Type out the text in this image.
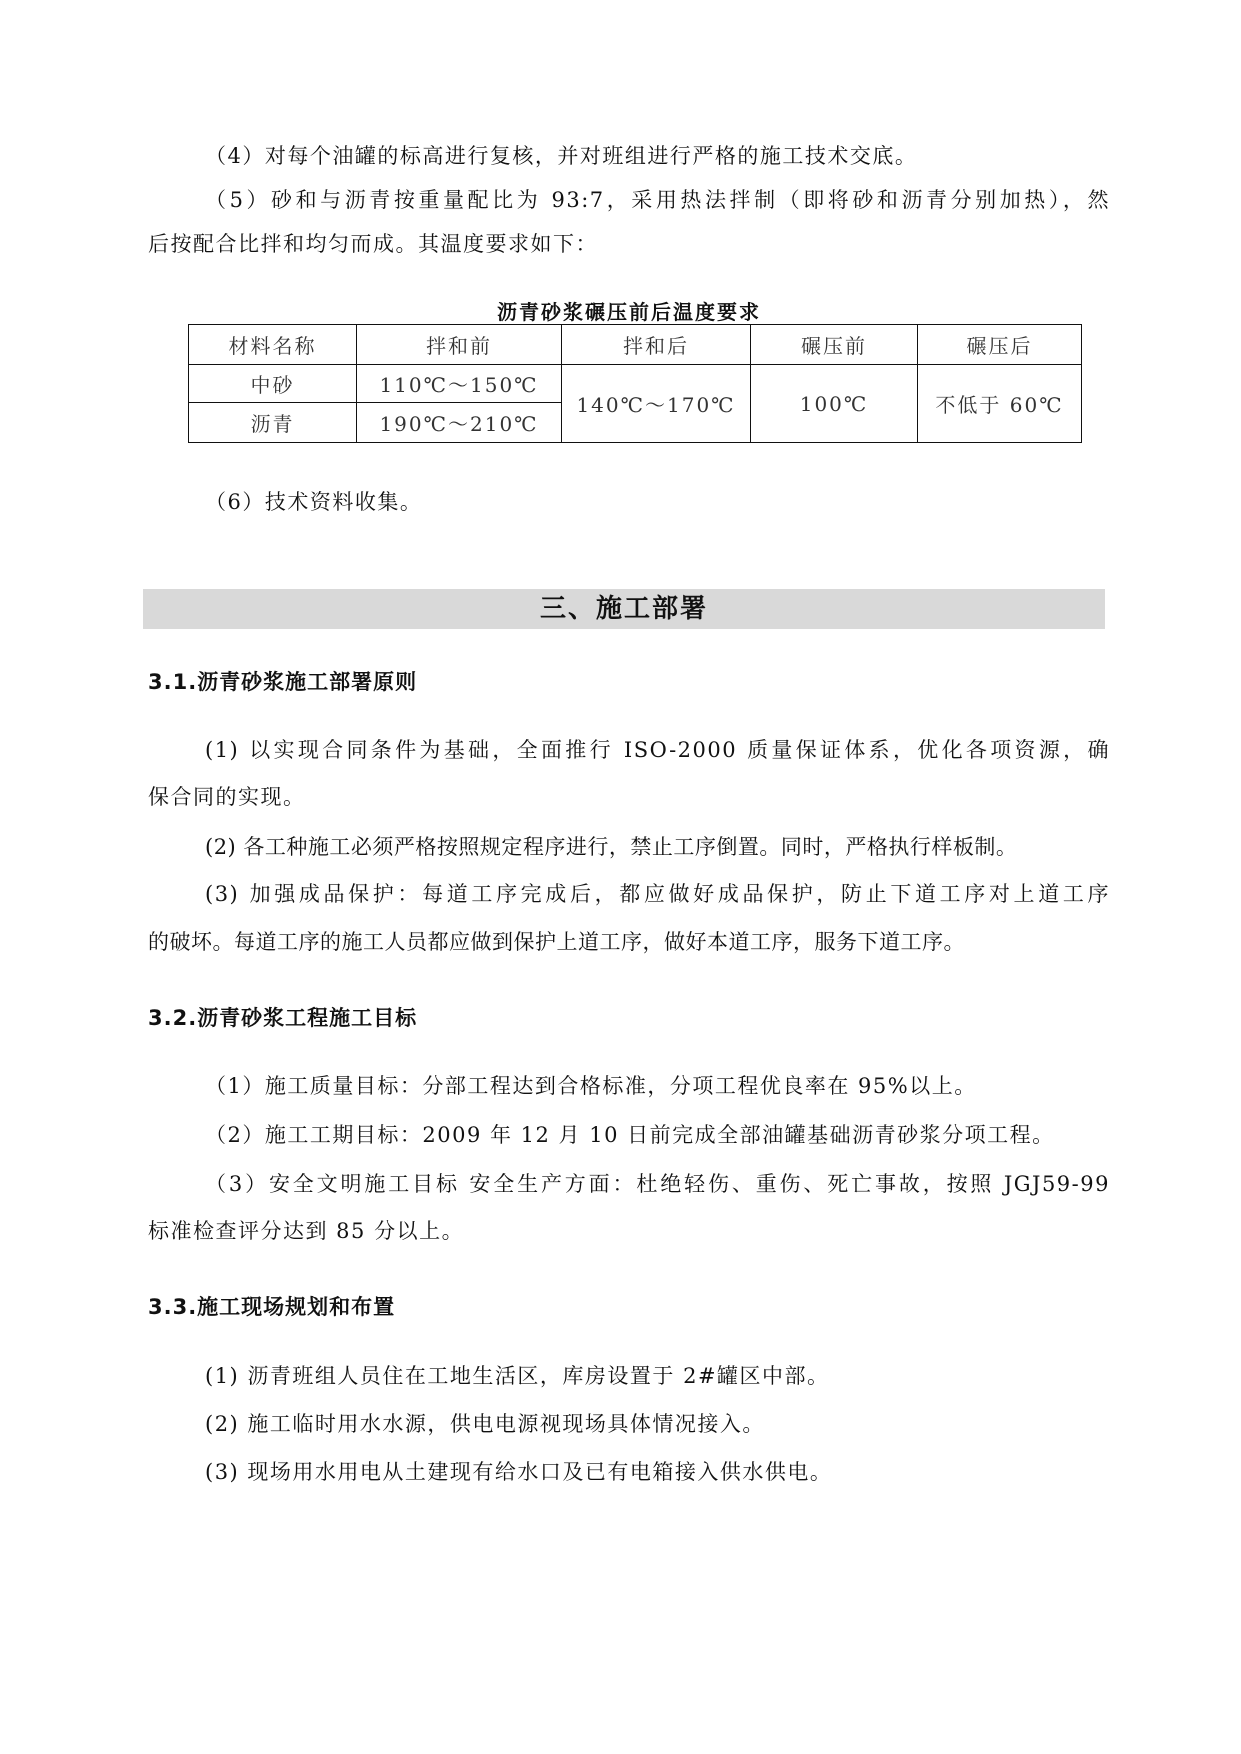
（4）对每个油罐的标高进行复核，并对班组进行严格的施工技术交底。
（5）砂和与沥青按重量配比为 93:7，采用热法拌制（即将砂和沥青分别加热），然
后按配合比拌和均匀而成。其温度要求如下：
沥青砂浆碾压前后温度要求
材料名称	拌和前	拌和后	碾压前	碾压后
中砂	110℃～150℃	140℃～170℃	100℃	不低于 60℃
沥青	190℃～210℃			
（6）技术资料收集。
三、施工部署
3.1.沥青砂浆施工部署原则
(1) 以实现合同条件为基础，全面推行 ISO-2000 质量保证体系，优化各项资源，确
保合同的实现。
(2) 各工种施工必须严格按照规定程序进行，禁止工序倒置。同时，严格执行样板制。
(3) 加强成品保护：每道工序完成后，都应做好成品保护，防止下道工序对上道工序
的破坏。每道工序的施工人员都应做到保护上道工序，做好本道工序，服务下道工序。
3.2.沥青砂浆工程施工目标
（1）施工质量目标：分部工程达到合格标准，分项工程优良率在 95%以上。
（2）施工工期目标：2009 年 12 月 10 日前完成全部油罐基础沥青砂浆分项工程。
（3）安全文明施工目标 安全生产方面：杜绝轻伤、重伤、死亡事故，按照 JGJ59-99
标准检查评分达到 85 分以上。
3.3.施工现场规划和布置
(1) 沥青班组人员住在工地生活区，库房设置于 2#罐区中部。
(2) 施工临时用水水源，供电电源视现场具体情况接入。
(3) 现场用水用电从土建现有给水口及已有电箱接入供水供电。
